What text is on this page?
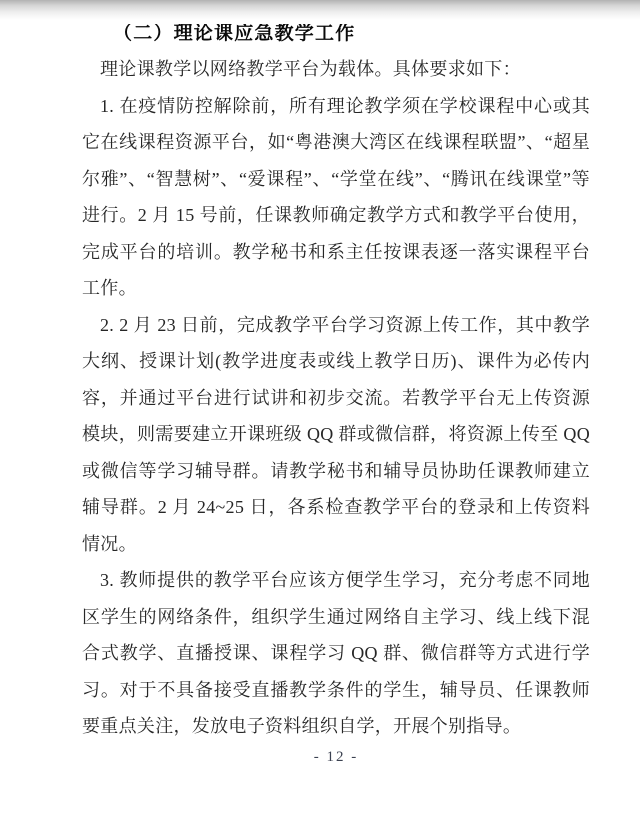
（二）理论课应急教学工作

理论课教学以网络教学平台为载体。具体要求如下：

1. 在疫情防控解除前，所有理论教学须在学校课程中心或其它在线课程资源平台，如“粤港澳大湾区在线课程联盟”、“超星尔雅”、“智慧树”、“爱课程”、“学堂在线”、“腾讯在线课堂”等进行。2 月 15 号前，任课教师确定教学方式和教学平台使用，完成平台的培训。教学秘书和系主任按课表逐一落实课程平台工作。

2. 2 月 23 日前，完成教学平台学习资源上传工作，其中教学大纲、授课计划(教学进度表或线上教学日历)、课件为必传内容，并通过平台进行试讲和初步交流。若教学平台无上传资源模块，则需要建立开课班级 QQ 群或微信群，将资源上传至 QQ 或微信等学习辅导群。请教学秘书和辅导员协助任课教师建立辅导群。2 月 24~25 日，各系检查教学平台的登录和上传资料情况。

3. 教师提供的教学平台应该方便学生学习，充分考虑不同地区学生的网络条件，组织学生通过网络自主学习、线上线下混合式教学、直播授课、课程学习 QQ 群、微信群等方式进行学习。对于不具备接受直播教学条件的学生，辅导员、任课教师要重点关注，发放电子资料组织自学，开展个别指导。

- 12 -
